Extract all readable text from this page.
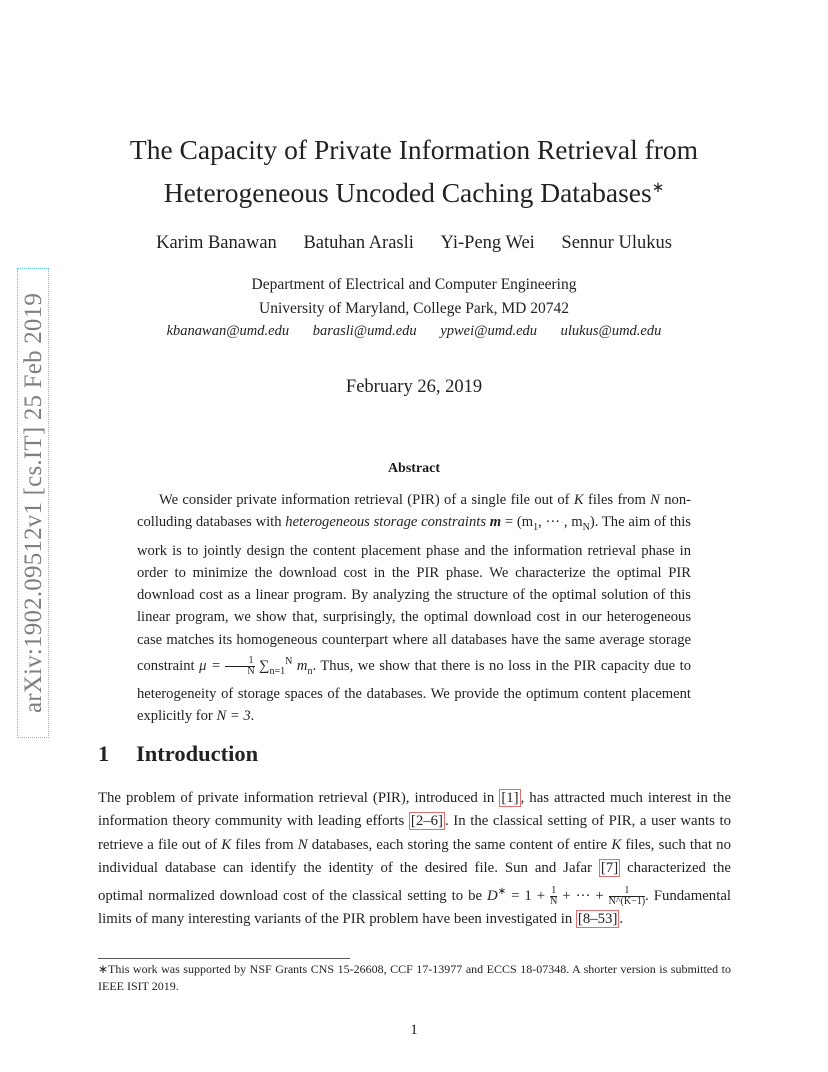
arXiv:1902.09512v1 [cs.IT] 25 Feb 2019
The Capacity of Private Information Retrieval from
Heterogeneous Uncoded Caching Databases∗
Karim Banawan Batuhan Arasli Yi-Peng Wei Sennur Ulukus
Department of Electrical and Computer Engineering
University of Maryland, College Park, MD 20742
kbanawan@umd.edu barasli@umd.edu ypwei@umd.edu ulukus@umd.edu
February 26, 2019
Abstract

We consider private information retrieval (PIR) of a single file out of K files from N non-colluding databases with heterogeneous storage constraints $m = (m_1$, ··· , $m_N$). The aim of this work is to jointly design the content placement phase and the information retrieval phase in order to minimize the download cost in the PIR phase. We characterize the optimal PIR download cost as a linear program. By analyzing the structure of the optimal solution of this linear program, we show that, surprisingly, the optimal download cost in our heterogeneous case matches its homogeneous counterpart where all databases have the same average storage constraint $\mu = \frac{1}{N} \sum_{n=1}^N$ $m_n$. Thus, we show that there is no loss in the PIR capacity due to heterogeneity of storage spaces of the databases. We provide the optimum content placement explicitly for N = 3.

1 Introduction

The problem of private information retrieval (PIR), introduced in [1] , has attracted much interest in the information theory community with leading efforts [2–6] . In the classical setting of PIR, a user wants to retrieve a file out of K files from N databases, each storing the same content of entire K files, such that no individual database can identify the identity of the desired file. Sun and Jafar [7] characterized the optimal normalized download cost of the classical setting to be $D^∗ = 1 + \frac{1}{N}$ + ··· + $\frac{1}{N\^{}(K-1)}$ . Fundamental limits of many interesting variants of the PIR problem have been investigated in [8–53] .

∗This work was supported by NSF Grants CNS 15-26608, CCF 17-13977 and ECCS 18-07348. A shorter version is submitted to IEEE ISIT 2019.
1
